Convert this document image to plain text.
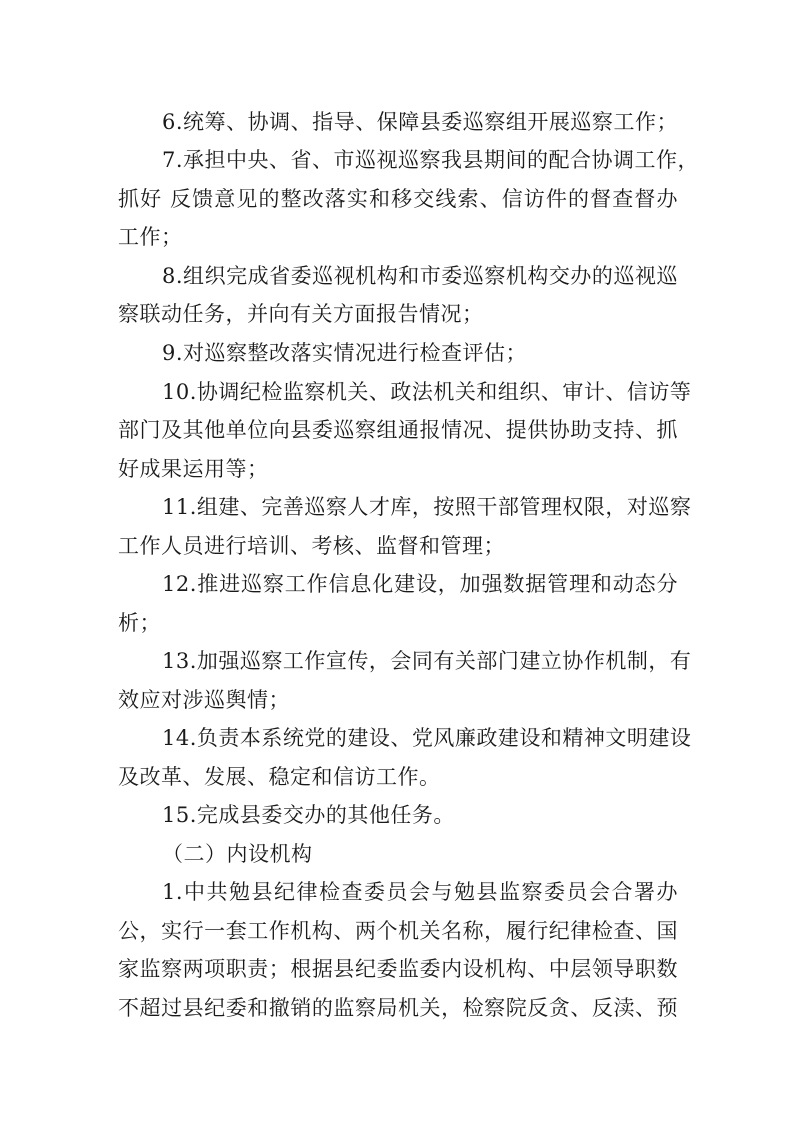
6.统筹、协调、指导、保障县委巡察组开展巡察工作；
7.承担中央、省、市巡视巡察我县期间的配合协调工作，
抓好 反馈意见的整改落实和移交线索、信访件的督查督办
工作；
8.组织完成省委巡视机构和市委巡察机构交办的巡视巡
察联动任务，并向有关方面报告情况；
9.对巡察整改落实情况进行检查评估；
10.协调纪检监察机关、政法机关和组织、审计、信访等
部门及其他单位向县委巡察组通报情况、提供协助支持、抓
好成果运用等；
11.组建、完善巡察人才库，按照干部管理权限，对巡察
工作人员进行培训、考核、监督和管理；
12.推进巡察工作信息化建设，加强数据管理和动态分
析；
13.加强巡察工作宣传，会同有关部门建立协作机制，有
效应对涉巡舆情；
14.负责本系统党的建设、党风廉政建设和精神文明建设
及改革、发展、稳定和信访工作。
15.完成县委交办的其他任务。
（二）内设机构
1.中共勉县纪律检查委员会与勉县监察委员会合署办
公，实行一套工作机构、两个机关名称，履行纪律检查、国
家监察两项职责；根据县纪委监委内设机构、中层领导职数
不超过县纪委和撤销的监察局机关，检察院反贪、反渎、预
